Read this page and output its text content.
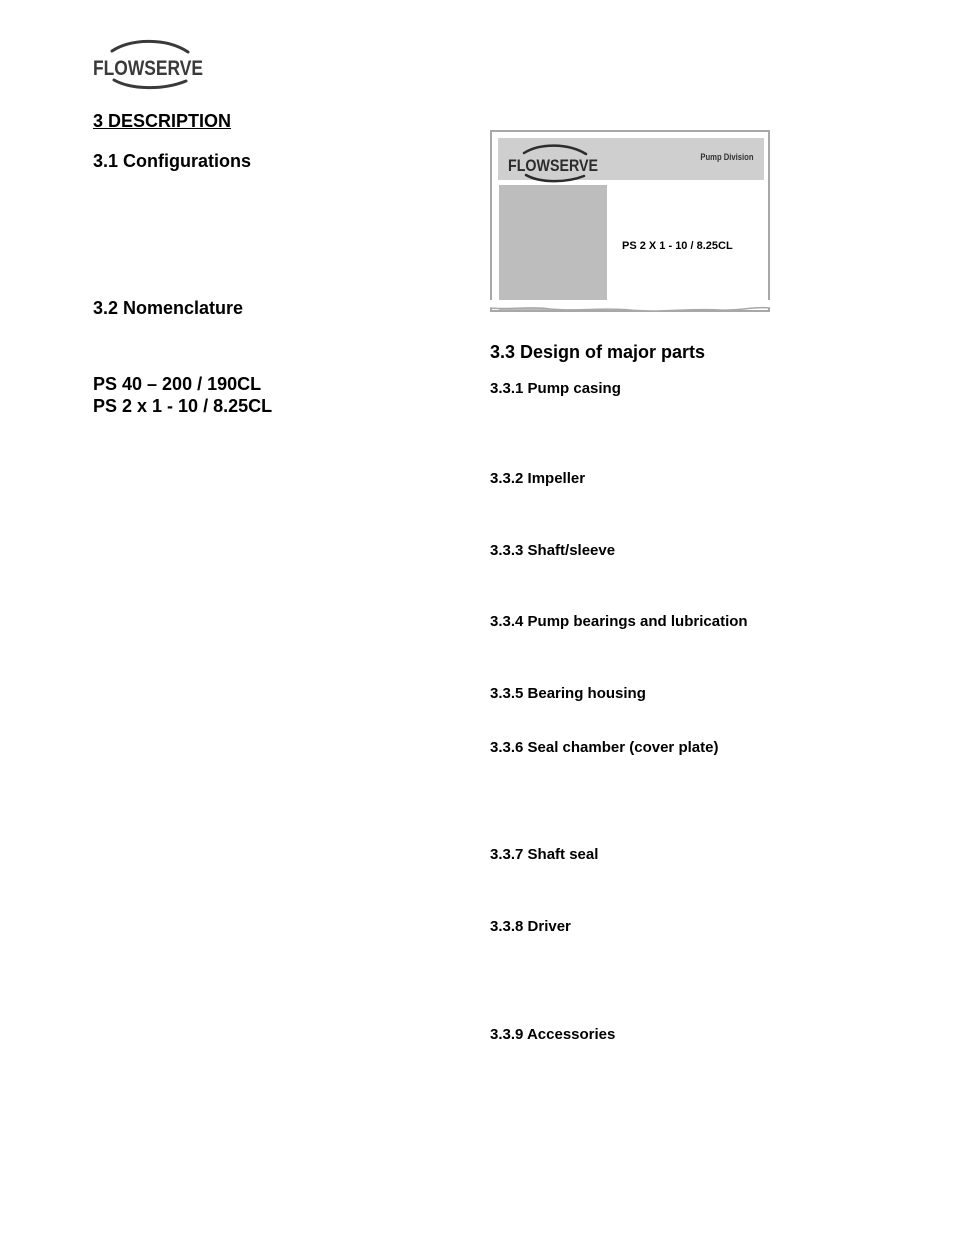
FLOWSERVE
3 DESCRIPTION
3.1 Configurations
3.2 Nomenclature
PS 40 – 200 / 190CL
PS 2 x 1 - 10 / 8.25CL
FLOWSERVE	Pump Division
PS 2 X 1 - 10 / 8.25CL
3.3 Design of major parts
3.3.1 Pump casing
3.3.2 Impeller
3.3.3 Shaft/sleeve
3.3.4 Pump bearings and lubrication
3.3.5 Bearing housing
3.3.6 Seal chamber (cover plate)
3.3.7 Shaft seal
3.3.8 Driver
3.3.9 Accessories
